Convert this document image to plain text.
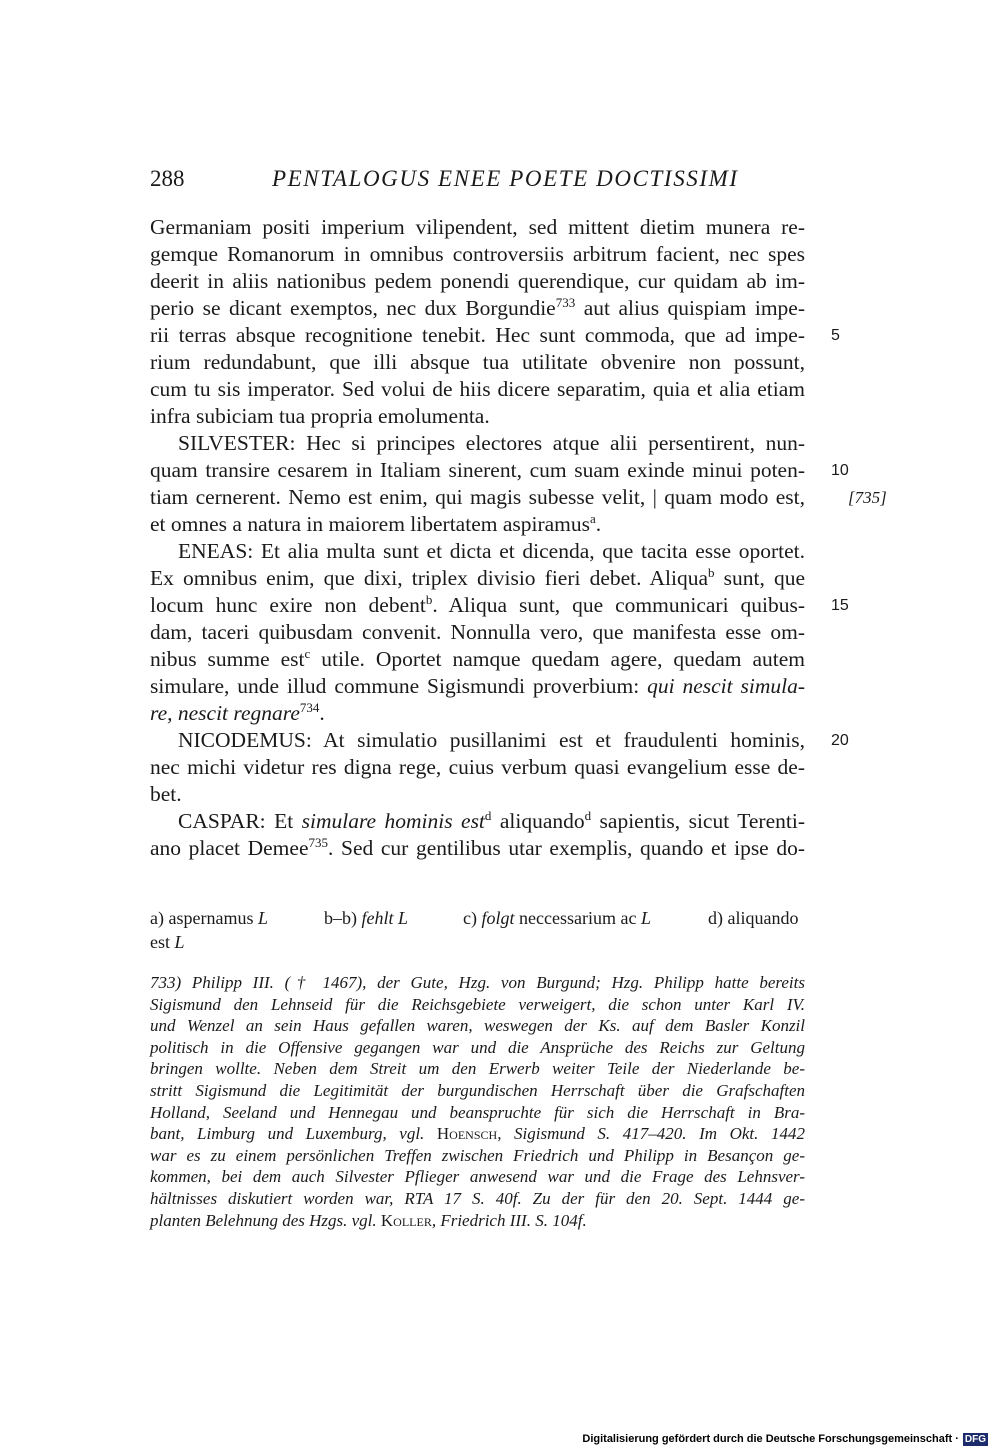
288	PENTALOGUS ENEE POETE DOCTISSIMI
Germaniam positi imperium vilipendent, sed mittent dietim munera re-
gemque Romanorum in omnibus controversiis arbitrum facient, nec spes
deerit in aliis nationibus pedem ponendi querendique, cur quidam ab im-
perio se dicant exemptos, nec dux Borgundie$^{733}$ aut alius quispiam impe-
rii terras absque recognitione tenebit. Hec sunt commoda, que ad impe-
rium redundabunt, que illi absque tua utilitate obvenire non possunt,
cum tu sis imperator. Sed volui de hiis dicere separatim, quia et alia etiam
infra subiciam tua propria emolumenta.
SILVESTER: Hec si principes electores atque alii persentirent, nun-
quam transire cesarem in Italiam sinerent, cum suam exinde minui poten-
tiam cernerent. Nemo est enim, qui magis subesse velit, | quam modo est,
et omnes a natura in maiorem libertatem aspiramus$^a$.
ENEAS: Et alia multa sunt et dicta et dicenda, que tacita esse oportet.
Ex omnibus enim, que dixi, triplex divisio fieri debet. Aliqua$^b$ sunt, que
locum hunc exire non debent$^b$. Aliqua sunt, que communicari quibus-
dam, taceri quibusdam convenit. Nonnulla vero, que manifesta esse om-
nibus summe est$^c$ utile. Oportet namque quedam agere, quedam autem
simulare, unde illud commune Sigismundi proverbium: qui nescit simula-
re, nescit regnare$^{734}$.
NICODEMUS: At simulatio pusillanimi est et fraudulenti hominis,
nec michi videtur res digna rege, cuius verbum quasi evangelium esse de-
bet.
CASPAR: Et simulare hominis est$^d$ aliquando$^d$ sapientis, sicut Terenti-
ano placet Demee$^{735}$. Sed cur gentilibus utar exemplis, quando et ipse do-
5
10
15
20
[735]
a) aspernamus L	b–b) fehlt L	c) folgt neccessarium ac L	d) aliquando
est L
733) Philipp III. († 1467), der Gute, Hzg. von Burgund; Hzg. Philipp hatte bereits
Sigismund den Lehnseid für die Reichsgebiete verweigert, die schon unter Karl IV.
und Wenzel an sein Haus gefallen waren, weswegen der Ks. auf dem Basler Konzil
politisch in die Offensive gegangen war und die Ansprüche des Reichs zur Geltung
bringen wollte. Neben dem Streit um den Erwerb weiter Teile der Niederlande be-
stritt Sigismund die Legitimität der burgundischen Herrschaft über die Grafschaften
Holland, Seeland und Hennegau und beanspruchte für sich die Herrschaft in Bra-
bant, Limburg und Luxemburg, vgl. Hoensch, Sigismund S. 417–420. Im Okt. 1442
war es zu einem persönlichen Treffen zwischen Friedrich und Philipp in Besançon ge-
kommen, bei dem auch Silvester Pflieger anwesend war und die Frage des Lehnsver-
hältnisses diskutiert worden war, RTA 17 S. 40f. Zu der für den 20. Sept. 1444 ge-
planten Belehnung des Hzgs. vgl. Koller, Friedrich III. S. 104f.
Digitalisierung gefördert durch die Deutsche Forschungsgemeinschaft · DFG
